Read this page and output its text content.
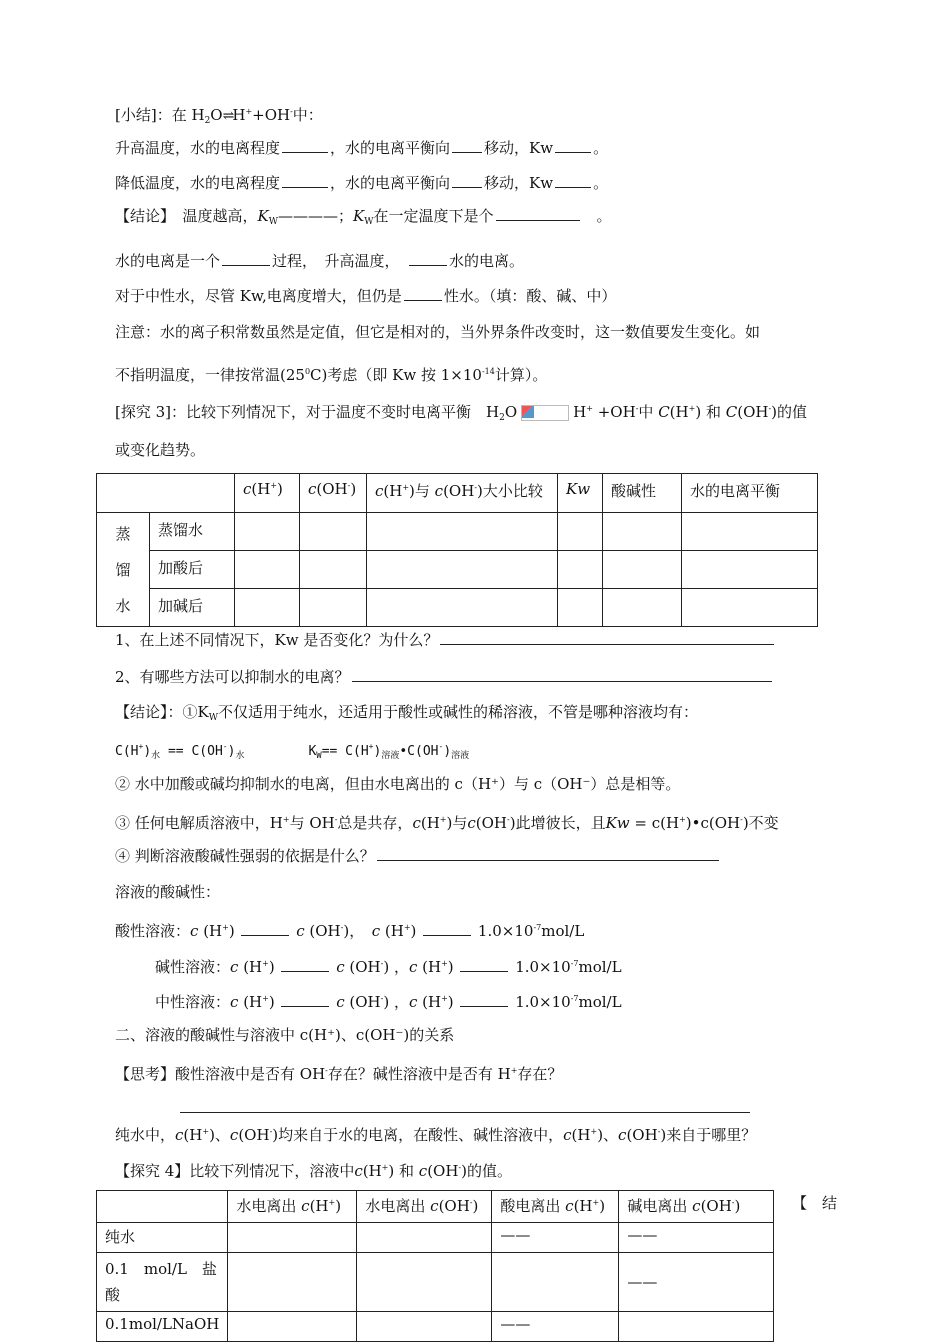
[小结]：在 $H_2O\rightleftharpoons H^++OH^-$中：
升高温度，水的电离程度	，水的电离平衡向 移动，Kw	。
降低温度，水的电离程度	，水的电离平衡向 移动，Kw	。
【结论】　温度越高，$K_W————$；$K_W$在一定温度下是个	　。
水的电离是一个	过程，　升高温度，　	水的电离。
对于中性水，尽管 Kw,电离度增大，但仍是	性水。（填：酸、碱、中）
注意：水的离子积常数虽然是定值，但它是相对的，当外界条件改变时，这一数值要发生变化。如
不指明温度，一律按常温$(25^0C)$考虑（即 Kw 按 $1\times 10^{-14}$计算）。
[探究 3]：比较下列情况下，对于温度不变时电离平衡　$H_2O$	H+ +OH-中 C(H+) 和 C(OH-)的值
或变化趋势。

		c(H+)	c(OH-)	c(H+)与 c(OH-)大小比较	Kw	酸碱性	水的电离平衡

蒸
馏
水	蒸馏水						

	加酸后						

	加碱后						

1、在上述不同情况下，Kw 是否变化？为什么？
2、有哪些方法可以抑制水的电离？
【结论】：$①K_W$不仅适用于纯水，还适用于酸性或碱性的稀溶液，不管是哪种溶液均有：
$C(H^+)_水 == C(OH^-)_水$	$K_W==$ $C(H^+)_{溶液}•C(OH^-)_{溶液}$
② 水中加酸或碱均抑制水的电离，但由水电离出的 c（H⁺）与 c（OH⁻）总是相等。
③ 任何电解质溶液中，H+与 OH-总是共存，c(H+)与c(OH-)此增彼长，且Kw = c(H+)•c(OH-)不变
④ 判断溶液酸碱性强弱的依据是什么？
溶液的酸碱性：
酸性溶液：c (H+)	c (OH-)，　c (H+)	$1.0\times 10^{-7}mol/L$
碱性溶液：c (H+)	c (OH-) ，c (H+)	$1.0\times 10^{-7}mol/L$
中性溶液：c (H+)	c (OH-) ，c (H+)	$1.0\times 10^{-7}mol/L$
二、溶液的酸碱性与溶液中 c(H⁺)、c(OH⁻)的关系
【思考】酸性溶液中是否有 OH-存在？碱性溶液中是否有 H+存在？
纯水中，c(H+)、c(OH-)均来自于水的电离，在酸性、碱性溶液中，c(H+)、c(OH-)来自于哪里？
【探究 4】比较下列情况下，溶液中c(H+) 和 c(OH-)的值。

	水电离出 c(H+)	水电离出 c(OH-)	酸电离出 c(H+)	碱电离出 c(OH-)

纯水			——	——

0.1　mol/L　盐酸				——

0.1mol/LNaOH			——	

【　结
